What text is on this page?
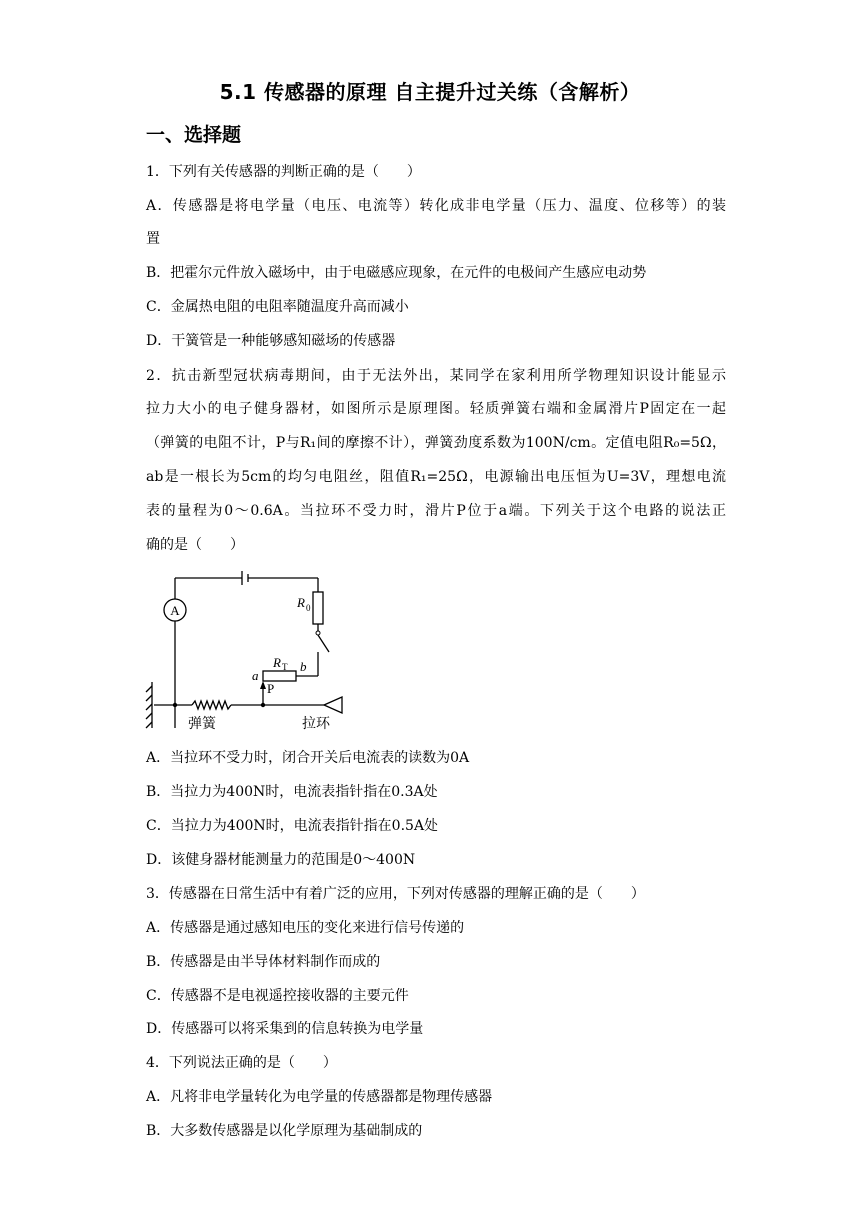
5.1 传感器的原理 自主提升过关练（含解析）
一、选择题
1．下列有关传感器的判断正确的是（　　）
A．传感器是将电学量（电压、电流等）转化成非电学量（压力、温度、位移等）的装
置
B．把霍尔元件放入磁场中，由于电磁感应现象，在元件的电极间产生感应电动势
C．金属热电阻的电阻率随温度升高而减小
D．干簧管是一种能够感知磁场的传感器
2．抗击新型冠状病毒期间，由于无法外出，某同学在家利用所学物理知识设计能显示
拉力大小的电子健身器材，如图所示是原理图。轻质弹簧右端和金属滑片P固定在一起
（弹簧的电阻不计，P与R₁间的摩擦不计），弹簧劲度系数为100N/cm。定值电阻R₀=5Ω，
ab是一根长为5cm的均匀电阻丝，阻值R₁=25Ω，电源输出电压恒为U=3V，理想电流
表的量程为0～0.6A。当拉环不受力时，滑片P位于a端。下列关于这个电路的说法正
确的是（　　）
A
R 0
R T
a
b
P
弹簧	拉环
A．当拉环不受力时，闭合开关后电流表的读数为0A
B．当拉力为400N时，电流表指针指在0.3A处
C．当拉力为400N时，电流表指针指在0.5A处
D．该健身器材能测量力的范围是0～400N
3．传感器在日常生活中有着广泛的应用，下列对传感器的理解正确的是（　　）
A．传感器是通过感知电压的变化来进行信号传递的
B．传感器是由半导体材料制作而成的
C．传感器不是电视遥控接收器的主要元件
D．传感器可以将采集到的信息转换为电学量
4．下列说法正确的是（　　）
A．凡将非电学量转化为电学量的传感器都是物理传感器
B．大多数传感器是以化学原理为基础制成的
